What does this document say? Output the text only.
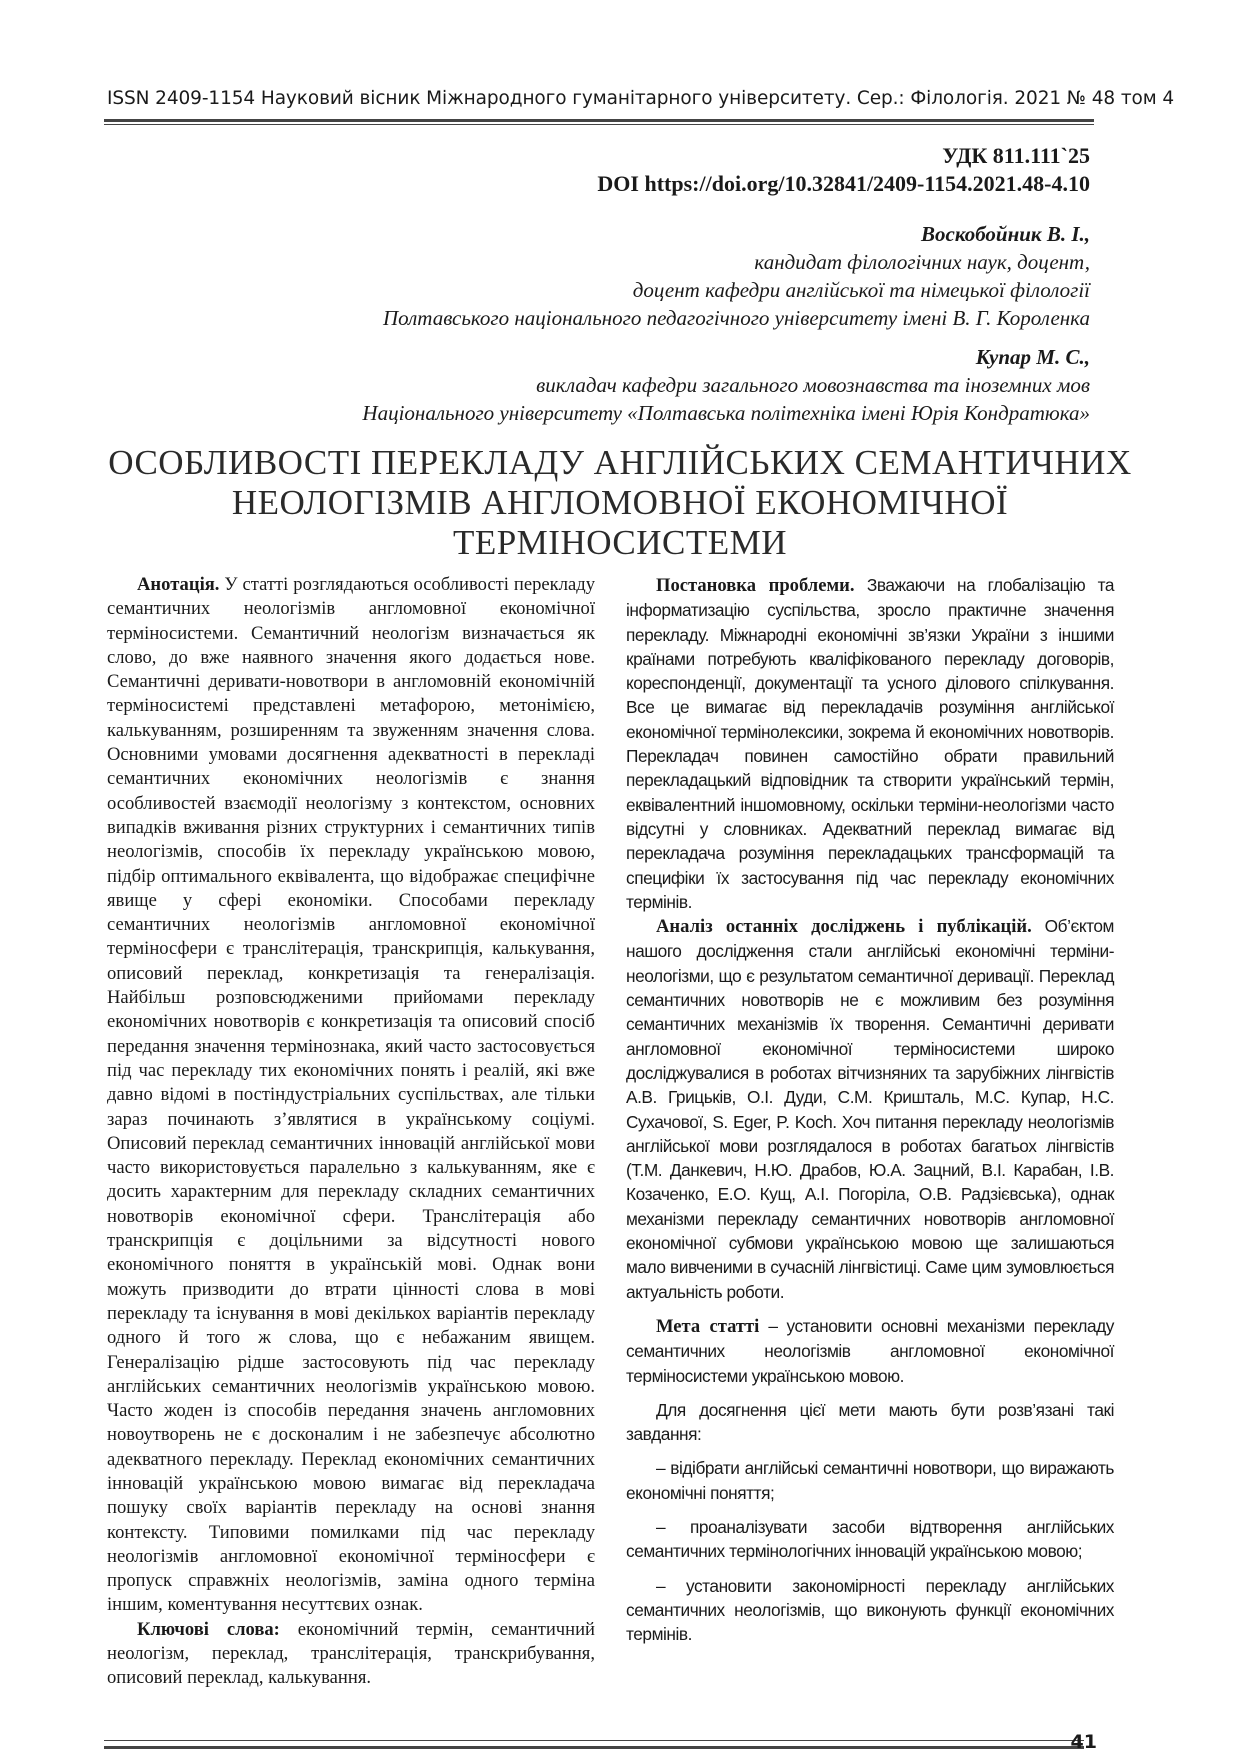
ISSN 2409-1154 Науковий вісник Міжнародного гуманітарного університету. Сер.: Філологія. 2021 № 48 том 4
УДК 811.111`25
DOI https://doi.org/10.32841/2409-1154.2021.48-4.10
Воскобойник В. І.,
кандидат філологічних наук, доцент,
доцент кафедри англійської та німецької філології
Полтавського національного педагогічного університету імені В. Г. Короленка
Купар М. С.,
викладач кафедри загального мовознавства та іноземних мов
Національного університету «Полтавська політехніка імені Юрія Кондратюка»
ОСОБЛИВОСТІ ПЕРЕКЛАДУ АНГЛІЙСЬКИХ СЕМАНТИЧНИХ
НЕОЛОГІЗМІВ АНГЛОМОВНОЇ ЕКОНОМІЧНОЇ
ТЕРМІНОСИСТЕМИ

Анотація. У статті розглядаються особливості перекладу семантичних неологізмів англомовної економічної терміносистеми. Семантичний неологізм визначається як слово, до вже наявного значення якого додається нове. Семантичні деривати-новотвори в англомовній економічній терміносистемі представлені метафорою, метонімією, калькуванням, розширенням та звуженням значення слова. Основними умовами досягнення адекватності в перекладі семантичних економічних неологізмів є знання особливостей взаємодії неологізму з контекстом, основних випадків вживання різних структурних і семантичних типів неологізмів, способів їх перекладу українською мовою, підбір оптимального еквівалента, що відображає специфічне явище у сфері економіки. Способами перекладу семантичних неологізмів англомовної економічної терміносфери є транслітерація, транскрипція, калькування, описовий переклад, конкретизація та генералізація. Найбільш розповсюдженими прийомами перекладу економічних новотворів є конкретизація та описовий спосіб передання значення термінознака, який часто застосовується під час перекладу тих економічних понять і реалій, які вже давно відомі в постіндустріальних суспільствах, але тільки зараз починають з’являтися в українському соціумі. Описовий переклад семантичних інновацій англійської мови часто використовується паралельно з калькуванням, яке є досить характерним для перекладу складних семантичних новотворів економічної сфери. Транслітерація або транскрипція є доцільними за відсутності нового економічного поняття в українській мові. Однак вони можуть призводити до втрати цінності слова в мові перекладу та існування в мові декількох варіантів перекладу одного й того ж слова, що є небажаним явищем. Генералізацію рідше застосовують під час перекладу англійських семантичних неологізмів українською мовою. Часто жоден із способів передання значень англомовних новоутворень не є досконалим і не забезпечує абсолютно адекватного перекладу. Переклад економічних семантичних інновацій українською мовою вимагає від перекладача пошуку своїх варіантів перекладу на основі знання контексту. Типовими помилками під час перекладу неологізмів англомовної економічної терміносфери є пропуск справжніх неологізмів, заміна одного терміна іншим, коментування несуттєвих ознак.

Ключові слова: економічний термін, семантичний неологізм, переклад, транслітерація, транскрибування, описовий переклад, калькування.

Постановка проблеми. Зважаючи на глобалізацію та інформатизацію суспільства, зросло практичне значення перекладу. Міжнародні економічні зв’язки України з іншими країнами потребують кваліфікованого перекладу договорів, кореспонденції, документації та усного ділового спілкування. Все це вимагає від перекладачів розуміння англійської економічної термінолексики, зокрема й економічних новотворів. Перекладач повинен самостійно обрати правильний перекладацький відповідник та створити український термін, еквівалентний іншомовному, оскільки терміни-неологізми часто відсутні у словниках. Адекватний переклад вимагає від перекладача розуміння перекладацьких трансформацій та специфіки їх застосування під час перекладу економічних термінів.

Аналіз останніх досліджень і публікацій. Об’єктом нашого дослідження стали англійські економічні терміни-неологізми, що є результатом семантичної деривації. Переклад семантичних новотворів не є можливим без розуміння семантичних механізмів їх творення. Семантичні деривати англомовної економічної терміносистеми широко досліджувалися в роботах вітчизняних та зарубіжних лінгвістів А.В. Грицьків, О.І. Дуди, С.М. Кришталь, М.С. Купар, Н.С. Сухачової, S. Eger, P. Koch. Хоч питання перекладу неологізмів англійської мови розглядалося в роботах багатьох лінгвістів (Т.М. Данкевич, Н.Ю. Драбов, Ю.А. Зацний, В.І. Карабан, І.В. Козаченко, Е.О. Кущ, А.І. Погоріла, О.В. Радзієвська), однак механізми перекладу семантичних новотворів англомовної економічної субмови українською мовою ще залишаються мало вивченими в сучасній лінгвістиці. Саме цим зумовлюється актуальність роботи.

Мета статті – установити основні механізми перекладу семантичних неологізмів англомовної економічної терміносистеми українською мовою.

Для досягнення цієї мети мають бути розв’язані такі завдання:

– відібрати англійські семантичні новотвори, що виражають економічні поняття;

– проаналізувати засоби відтворення англійських семантичних термінологічних інновацій українською мовою;

– установити закономірності перекладу англійських семантичних неологізмів, що виконують функції економічних термінів.

41
